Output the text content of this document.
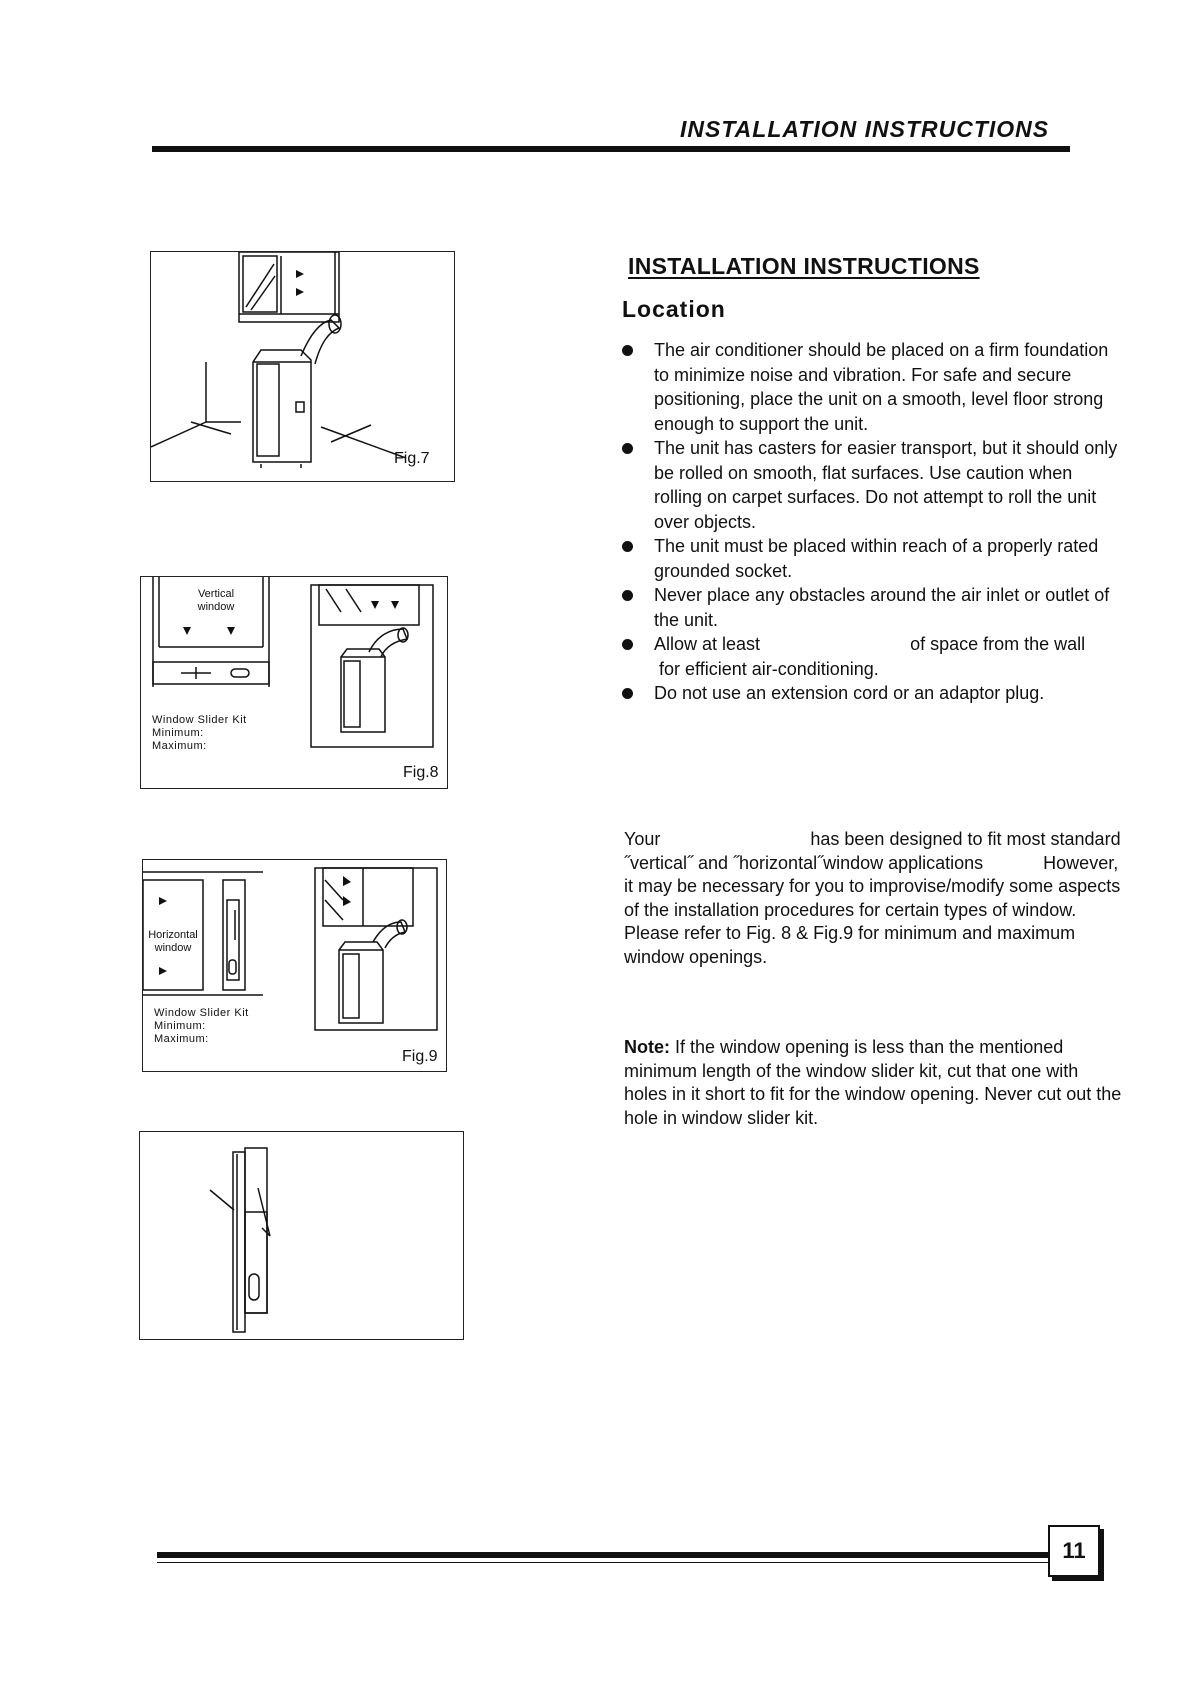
INSTALLATION INSTRUCTIONS
Fig.7
Vertical
window
Window Slider Kit
Minimum:
Maximum:
Fig.8
Horizontal
window
Window Slider Kit
Minimum:
Maximum:
Fig.9
INSTALLATION INSTRUCTIONS
Location
The air conditioner should be placed on a firm foundation to minimize noise and vibration. For safe and secure positioning, place the unit on a smooth, level floor strong enough to support the unit.
The unit has casters for easier transport, but it should only be rolled on smooth, flat surfaces. Use caution when rolling on carpet surfaces. Do not attempt to roll the unit over objects.
The unit must be placed within reach of a properly rated grounded socket.
Never place any obstacles around the air inlet or outlet of the unit.
Allow at least	of space from the wall
for efficient air-conditioning.
Do not use an extension cord or an adaptor plug.
Your	has been designed to fit most standard ˝vertical˝ and ˝horizontal˝window applications	However, it may be necessary for you to improvise/modify some aspects of the installation procedures for certain types of window. Please refer to Fig. 8 & Fig.9 for minimum and maximum window openings.
Note: If the window opening is less than the mentioned minimum length of the window slider kit, cut that one with holes in it short to fit for the window opening. Never cut out the hole in window slider kit.
11
